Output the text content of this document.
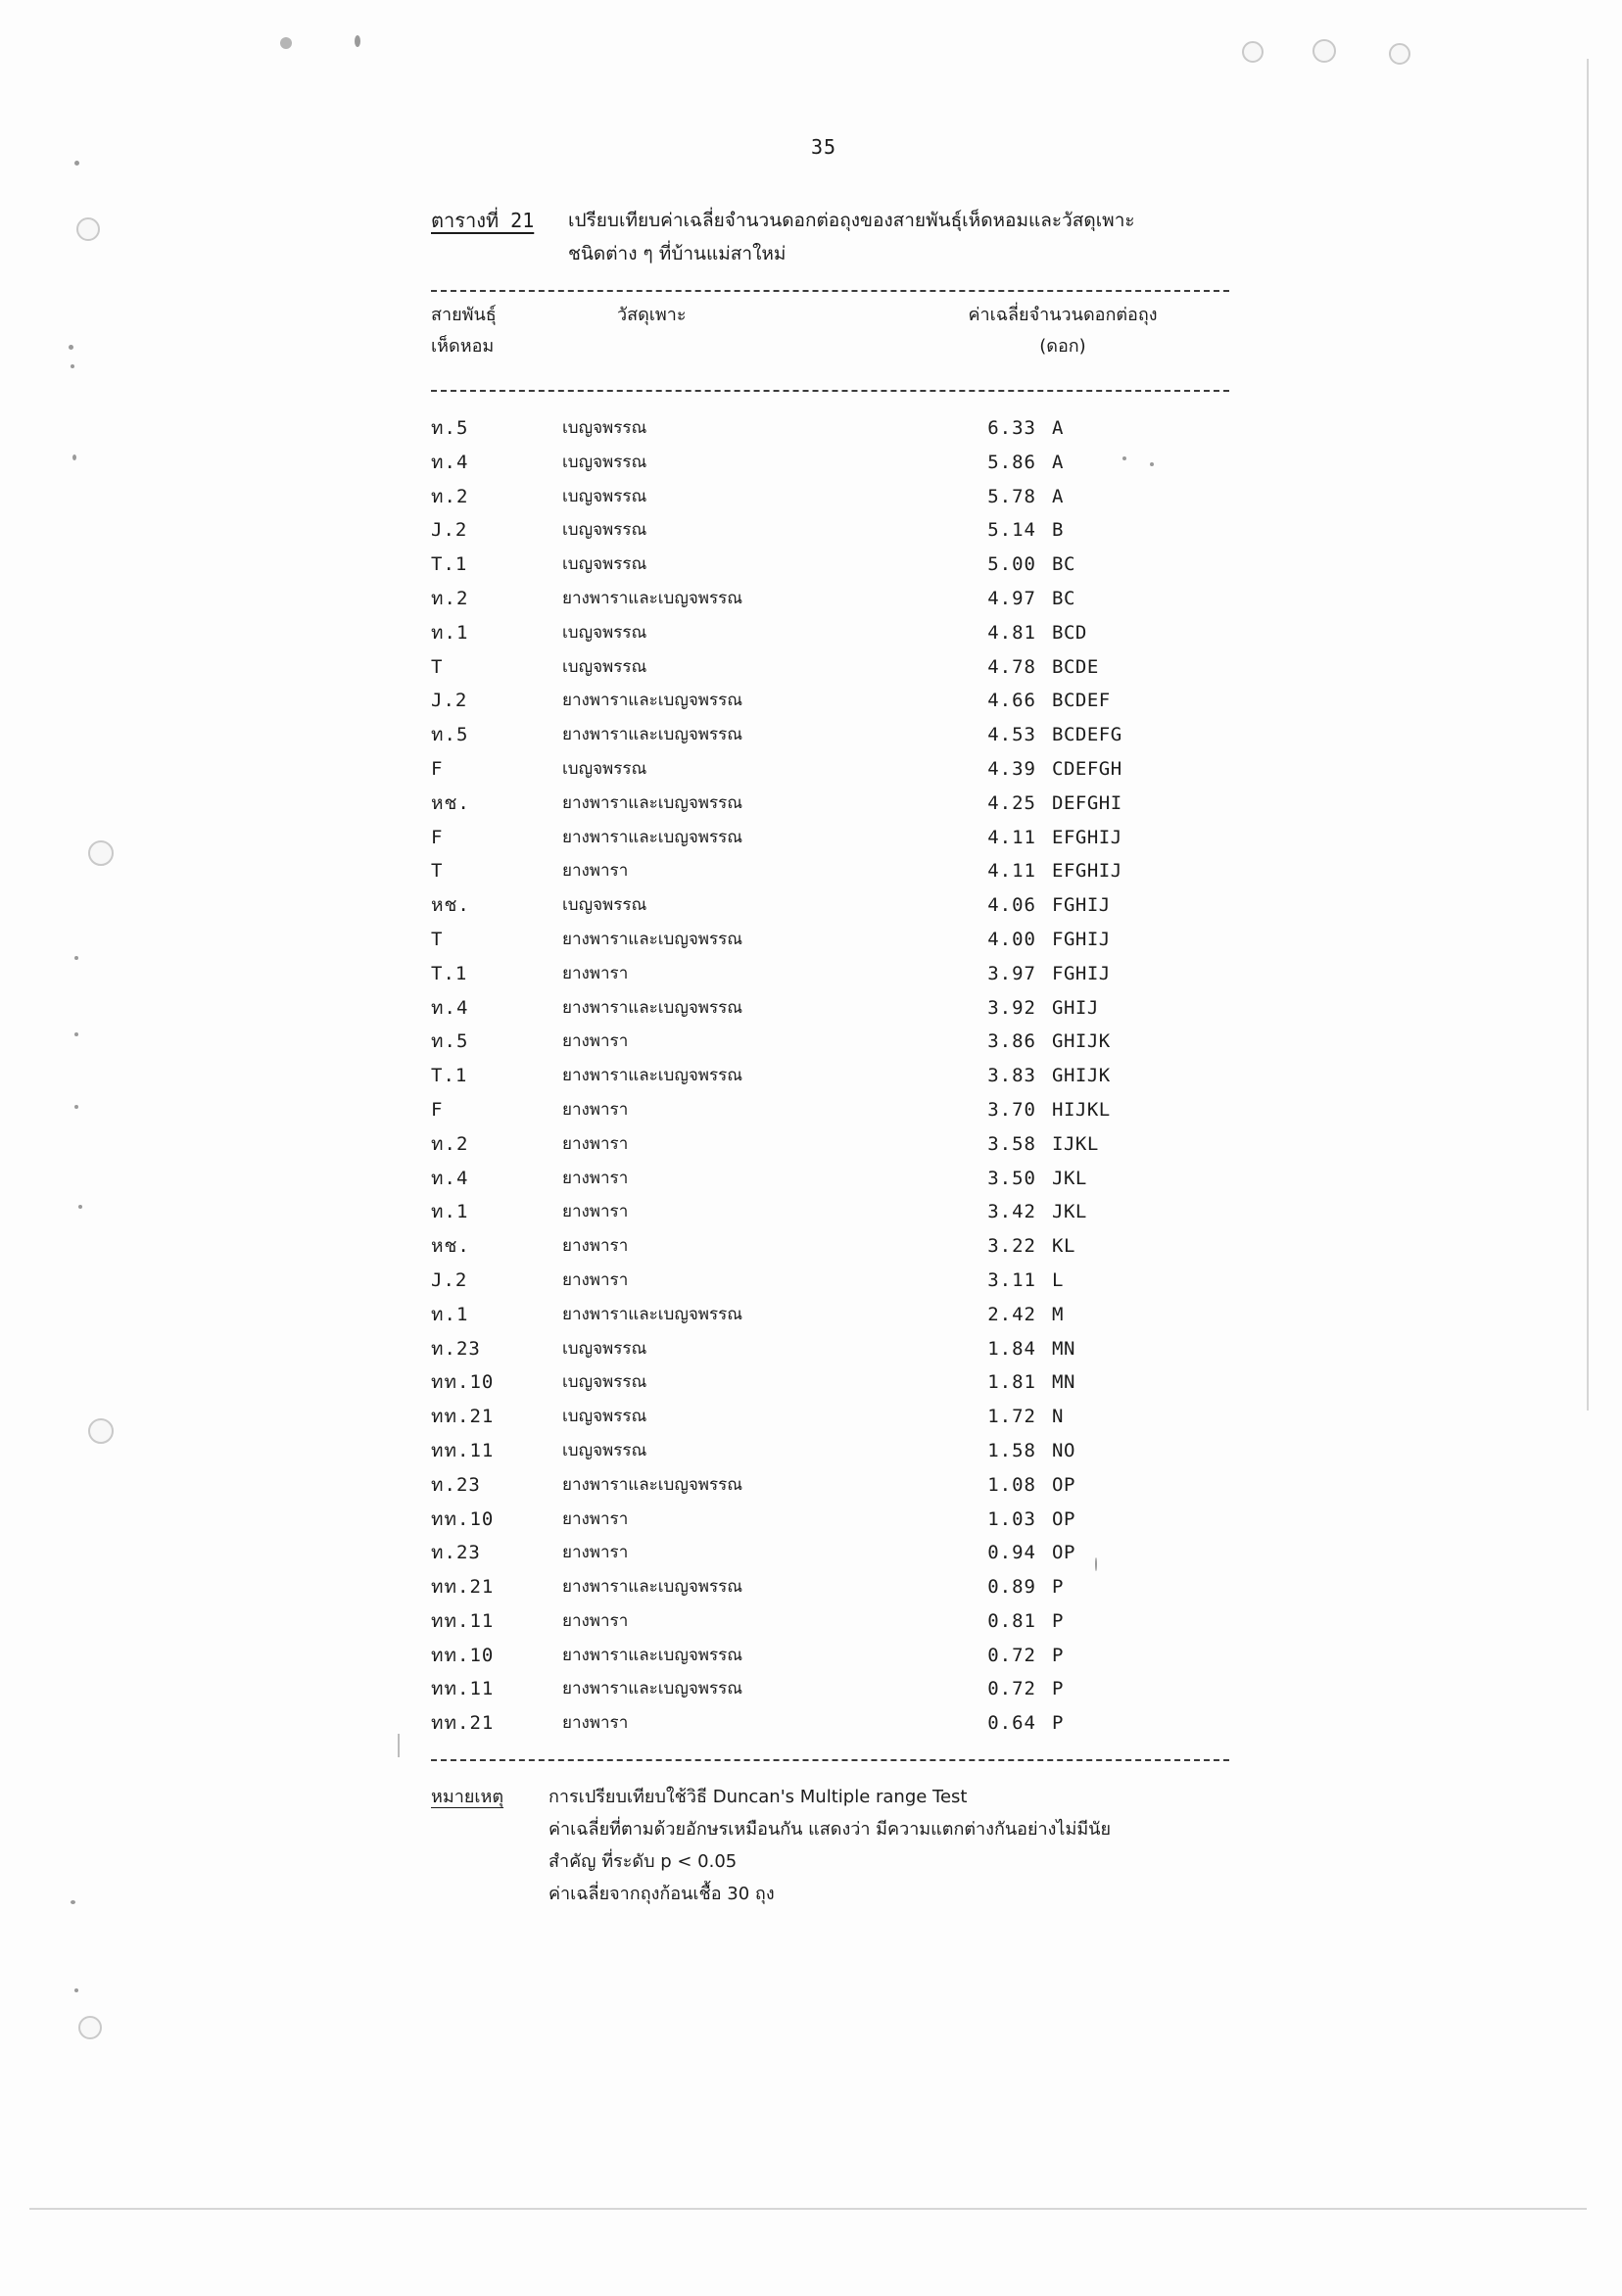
35
ตารางที่ 21 เปรียบเทียบค่าเฉลี่ยจำนวนดอกต่อถุงของสายพันธุ์เห็ดหอมและวัสดุเพาะ
ชนิดต่าง ๆ ที่บ้านแม่สาใหม่
สายพันธุ์
เห็ดหอม
วัสดุเพาะ	ค่าเฉลี่ยจำนวนดอกต่อถุง
(ดอก)
ท.5	เบญจพรรณ	6.33 A
ท.4	เบญจพรรณ	5.86 A
ท.2	เบญจพรรณ	5.78 A
J.2	เบญจพรรณ	5.14 B
T.1	เบญจพรรณ	5.00 BC
ท.2	ยางพาราและเบญจพรรณ	4.97 BC
ท.1	เบญจพรรณ	4.81 BCD
T	เบญจพรรณ	4.78 BCDE
J.2	ยางพาราและเบญจพรรณ	4.66 BCDEF
ท.5	ยางพาราและเบญจพรรณ	4.53 BCDEFG
F	เบญจพรรณ	4.39 CDEFGH
หช.	ยางพาราและเบญจพรรณ	4.25 DEFGHI
F	ยางพาราและเบญจพรรณ	4.11 EFGHIJ
T	ยางพารา	4.11 EFGHIJ
หช.	เบญจพรรณ	4.06 FGHIJ
T	ยางพาราและเบญจพรรณ	4.00 FGHIJ
T.1	ยางพารา	3.97 FGHIJ
ท.4	ยางพาราและเบญจพรรณ	3.92 GHIJ
ท.5	ยางพารา	3.86 GHIJK
T.1	ยางพาราและเบญจพรรณ	3.83 GHIJK
F	ยางพารา	3.70 HIJKL
ท.2	ยางพารา	3.58 IJKL
ท.4	ยางพารา	3.50 JKL
ท.1	ยางพารา	3.42 JKL
หช.	ยางพารา	3.22 KL
J.2	ยางพารา	3.11 L
ท.1	ยางพาราและเบญจพรรณ	2.42 M
ท.23	เบญจพรรณ	1.84 MN
ทท.10	เบญจพรรณ	1.81 MN
ทท.21	เบญจพรรณ	1.72 N
ทท.11	เบญจพรรณ	1.58 NO
ท.23	ยางพาราและเบญจพรรณ	1.08 OP
ทท.10	ยางพารา	1.03 OP
ท.23	ยางพารา	0.94 OP
ทท.21	ยางพาราและเบญจพรรณ	0.89 P
ทท.11	ยางพารา	0.81 P
ทท.10	ยางพาราและเบญจพรรณ	0.72 P
ทท.11	ยางพาราและเบญจพรรณ	0.72 P
ทท.21	ยางพารา	0.64 P
หมายเหตุ	การเปรียบเทียบใช้วิธี Duncan's Multiple range Test
ค่าเฉลี่ยที่ตามด้วยอักษรเหมือนกัน แสดงว่า มีความแตกต่างกันอย่างไม่มีนัย
สำคัญ ที่ระดับ p < 0.05
ค่าเฉลี่ยจากถุงก้อนเชื้อ 30 ถุง
